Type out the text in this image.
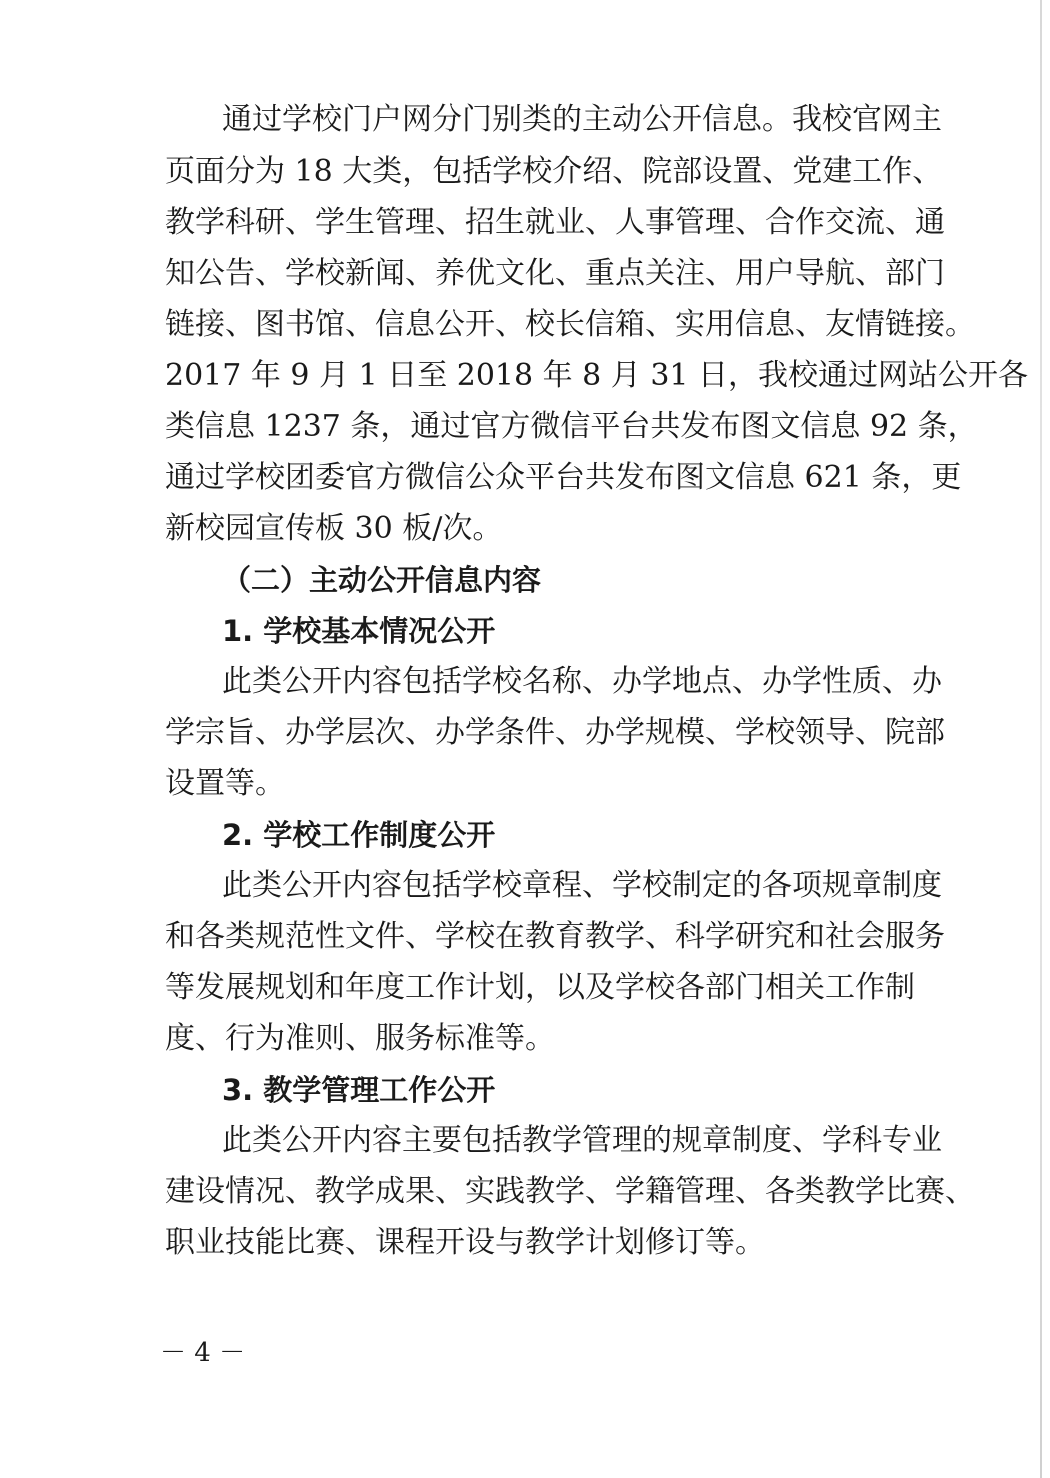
通过学校门户网分门别类的主动公开信息。我校官网主

页面分为 18 大类，包括学校介绍、院部设置、党建工作、

教学科研、学生管理、招生就业、人事管理、合作交流、通

知公告、学校新闻、养优文化、重点关注、用户导航、部门

链接、图书馆、信息公开、校长信箱、实用信息、友情链接。

2017 年 9 月 1 日至 2018 年 8 月 31 日，我校通过网站公开各

类信息 1237 条，通过官方微信平台共发布图文信息 92 条，

通过学校团委官方微信公众平台共发布图文信息 621 条，更

新校园宣传板 30 板/次。

（二）主动公开信息内容

1. 学校基本情况公开

此类公开内容包括学校名称、办学地点、办学性质、办

学宗旨、办学层次、办学条件、办学规模、学校领导、院部

设置等。

2. 学校工作制度公开

此类公开内容包括学校章程、学校制定的各项规章制度

和各类规范性文件、学校在教育教学、科学研究和社会服务

等发展规划和年度工作计划，以及学校各部门相关工作制

度、行为准则、服务标准等。

3. 教学管理工作公开

此类公开内容主要包括教学管理的规章制度、学科专业

建设情况、教学成果、实践教学、学籍管理、各类教学比赛、

职业技能比赛、课程开设与教学计划修订等。

－ 4 －
